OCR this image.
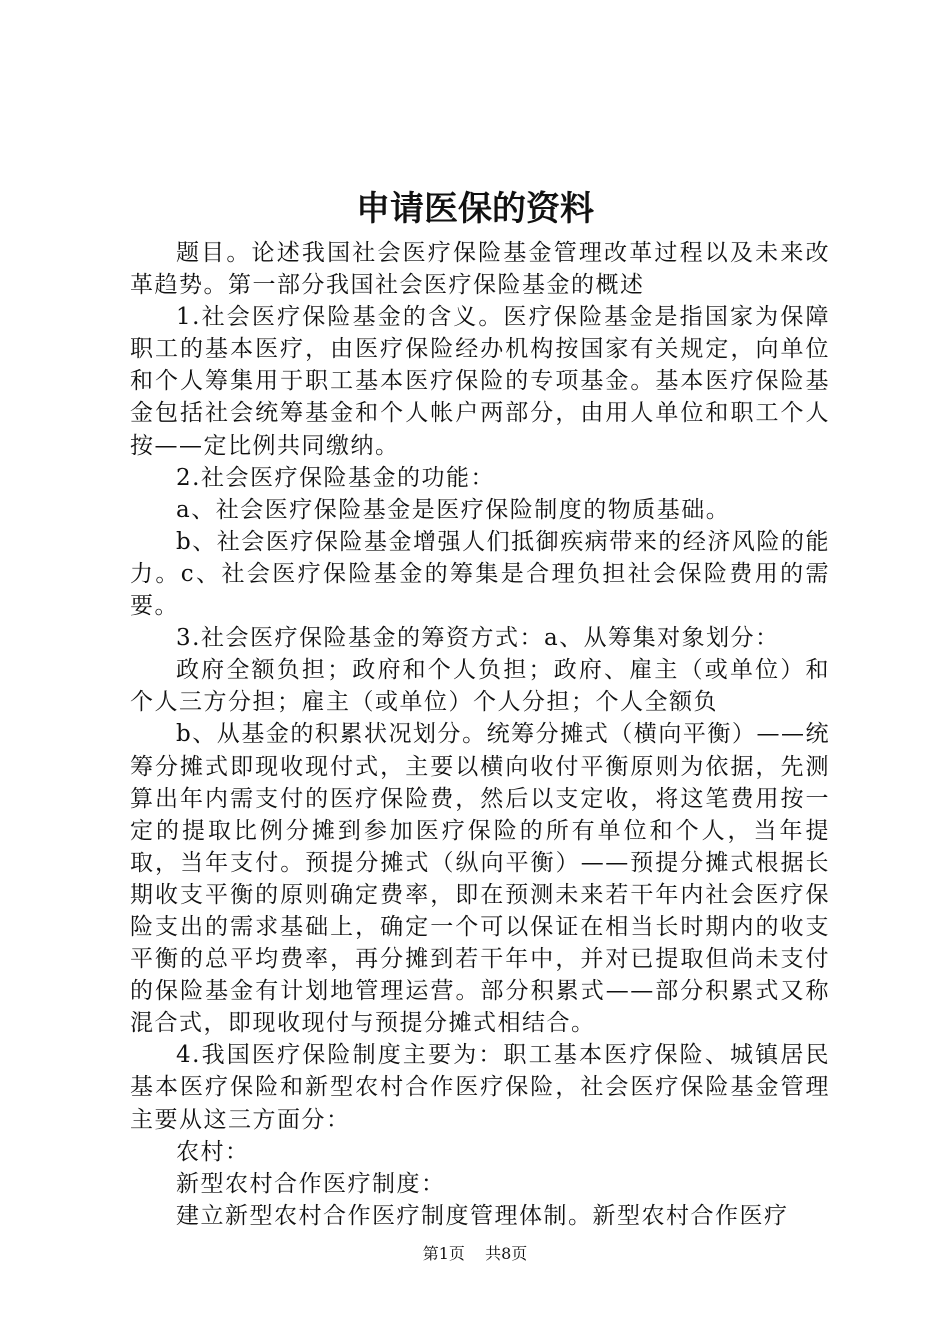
申请医保的资料

题目。论述我国社会医疗保险基金管理改革过程以及未来改革趋势。第一部分我国社会医疗保险基金的概述

1.社会医疗保险基金的含义。医疗保险基金是指国家为保障职工的基本医疗，由医疗保险经办机构按国家有关规定，向单位和个人筹集用于职工基本医疗保险的专项基金。基本医疗保险基金包括社会统筹基金和个人帐户两部分，由用人单位和职工个人按——定比例共同缴纳。

2.社会医疗保险基金的功能：

a、社会医疗保险基金是医疗保险制度的物质基础。

b、社会医疗保险基金增强人们抵御疾病带来的经济风险的能力。c、社会医疗保险基金的筹集是合理负担社会保险费用的需要。

3.社会医疗保险基金的筹资方式：a、从筹集对象划分：

政府全额负担；政府和个人负担；政府、雇主（或单位）和个人三方分担；雇主（或单位）个人分担；个人全额负

b、从基金的积累状况划分。统筹分摊式（横向平衡）——统筹分摊式即现收现付式，主要以横向收付平衡原则为依据，先测算出年内需支付的医疗保险费，然后以支定收，将这笔费用按一定的提取比例分摊到参加医疗保险的所有单位和个人，当年提取，当年支付。预提分摊式（纵向平衡）——预提分摊式根据长期收支平衡的原则确定费率，即在预测未来若干年内社会医疗保险支出的需求基础上，确定一个可以保证在相当长时期内的收支平衡的总平均费率，再分摊到若干年中，并对已提取但尚未支付的保险基金有计划地管理运营。部分积累式——部分积累式又称混合式，即现收现付与预提分摊式相结合。

4.我国医疗保险制度主要为：职工基本医疗保险、城镇居民基本医疗保险和新型农村合作医疗保险，社会医疗保险基金管理主要从这三方面分：

农村：

新型农村合作医疗制度：

建立新型农村合作医疗制度管理体制。新型农村合作医疗

第1页 共8页
